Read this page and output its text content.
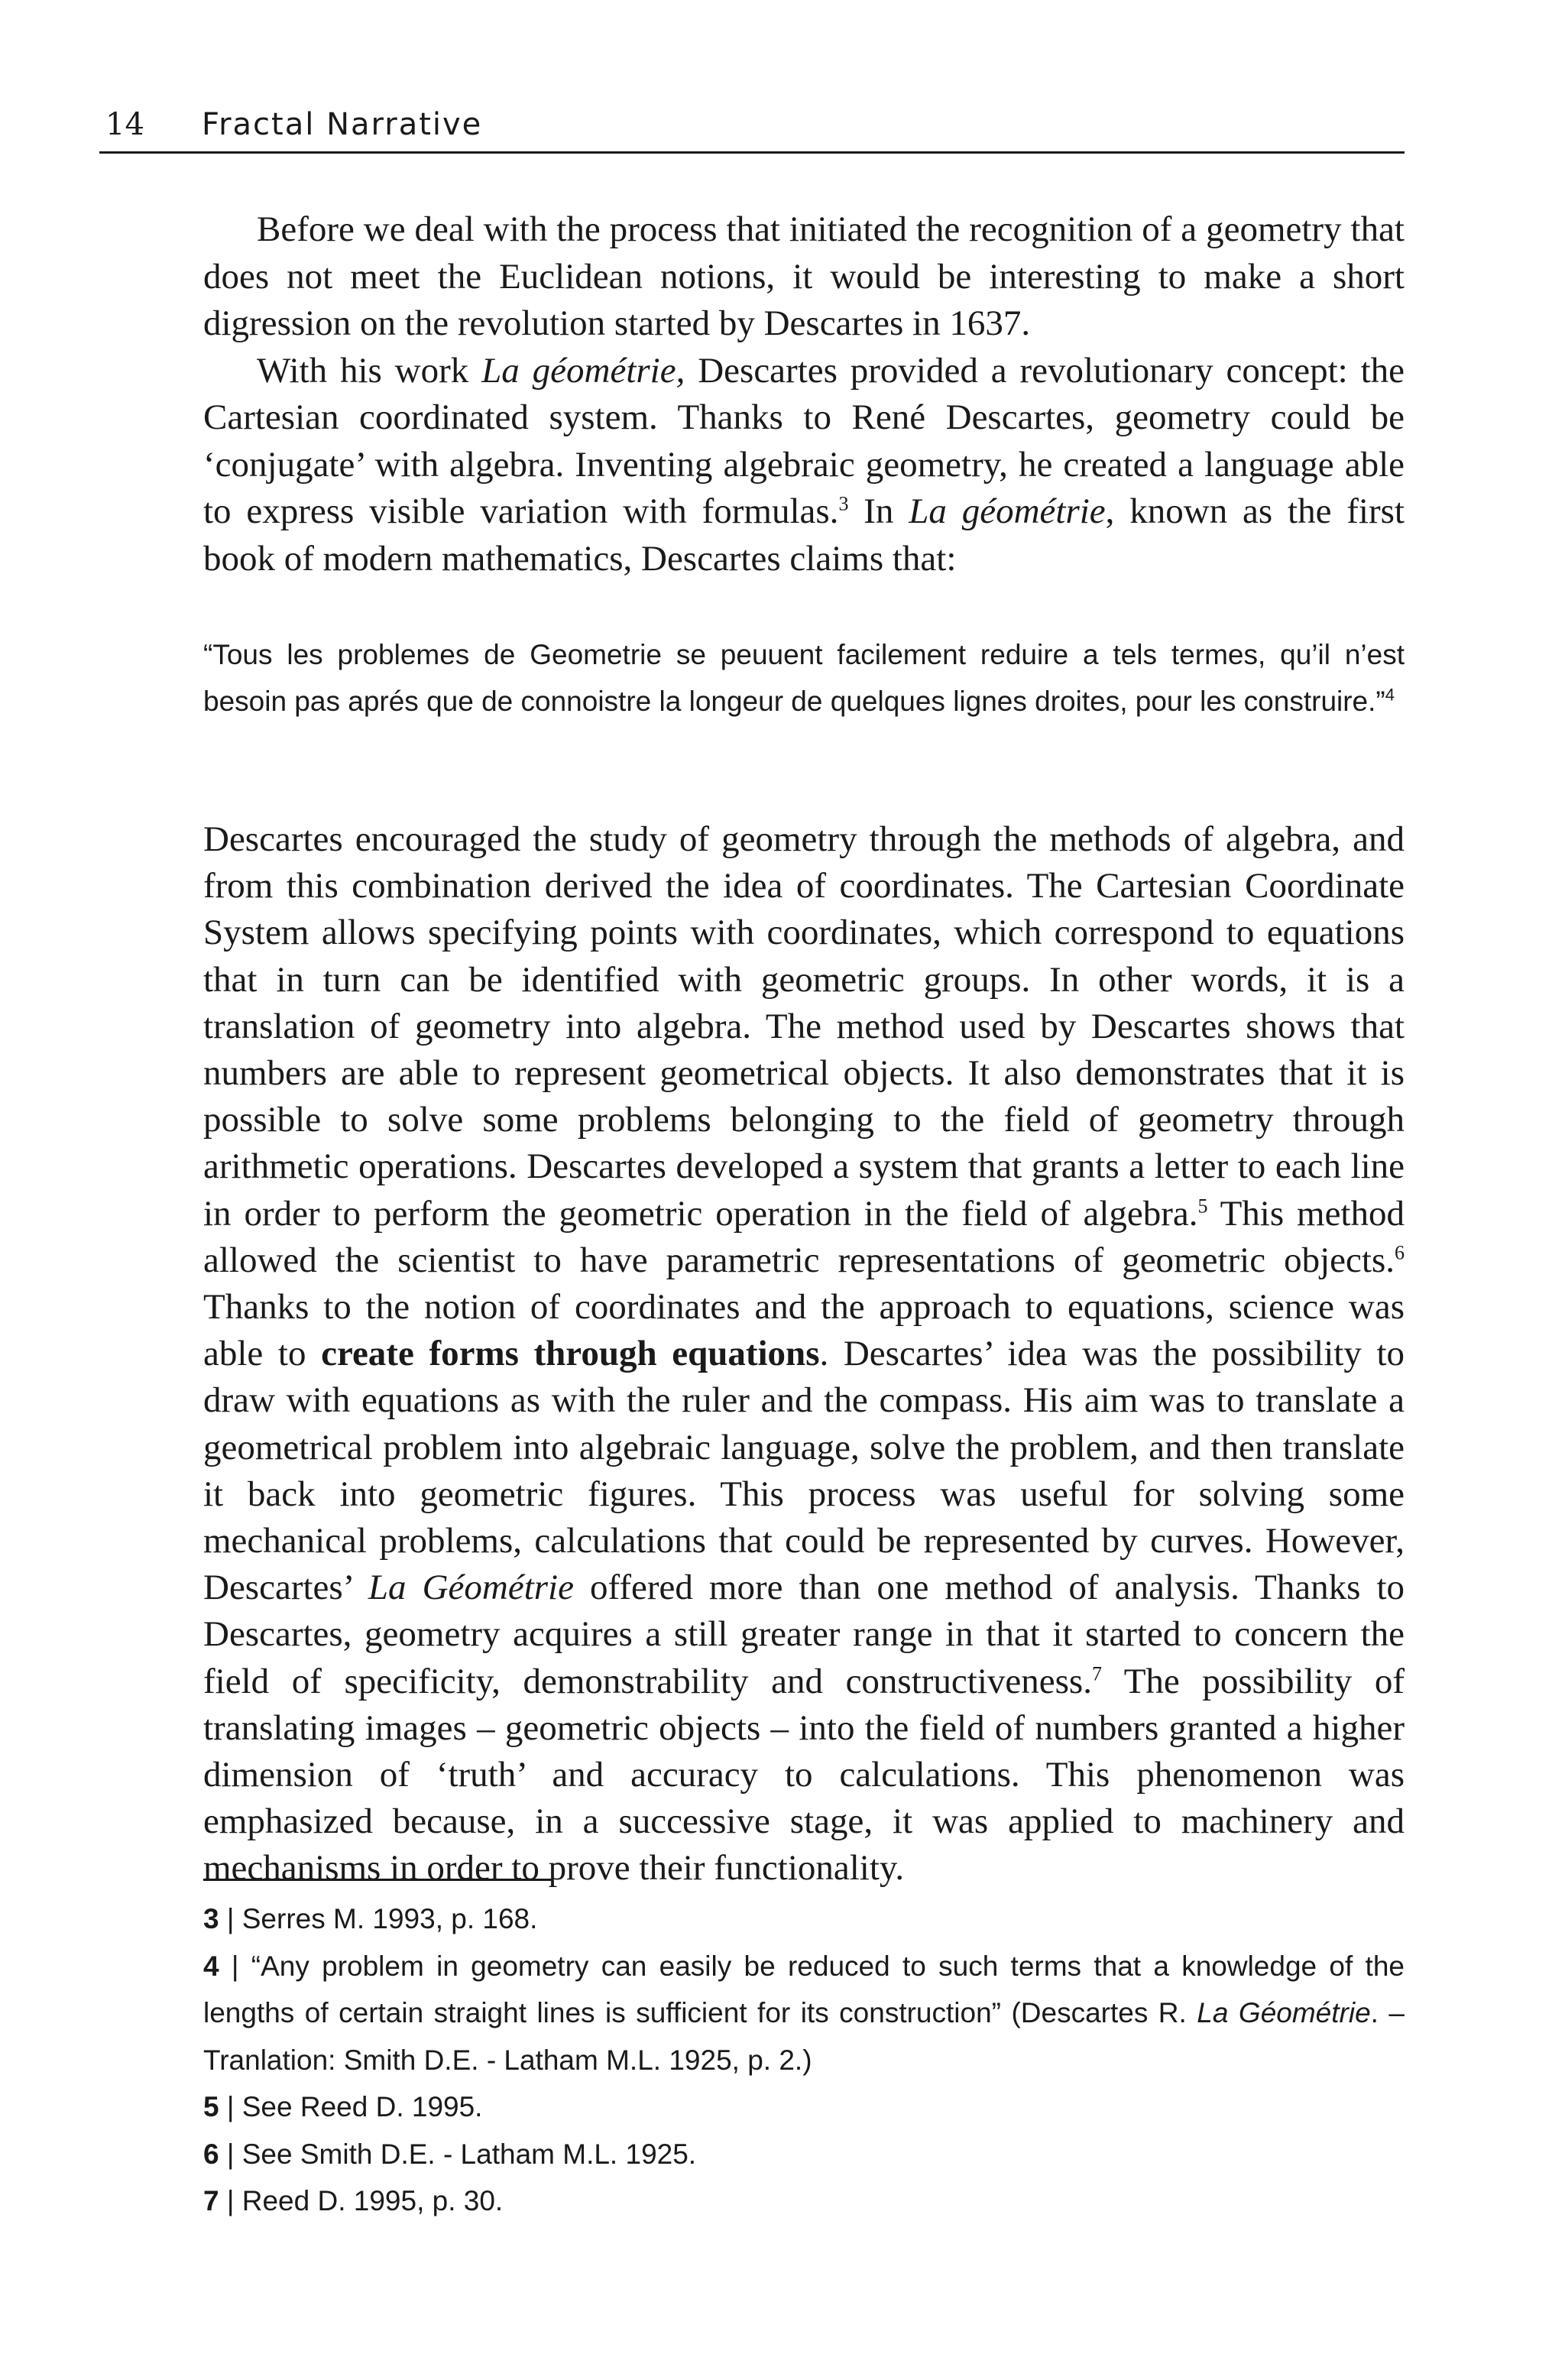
14 Fractal Narrative

Before we deal with the process that initiated the recognition of a geometry that does not meet the Euclidean notions, it would be interesting to make a short digression on the revolution started by Descartes in 1637.

With his work La géométrie, Descartes provided a revolutionary concept: the Cartesian coordinated system. Thanks to René Descartes, geometry could be ‘conjugate’ with algebra. Inventing algebraic geometry, he created a language able to express visible variation with formulas.$^3$ In La géométrie, known as the first book of modern mathematics, Descartes claims that:

“Tous les problemes de Geometrie se peuuent facilement reduire a tels termes, qu’il n’est besoin pas aprés que de connoistre la longeur de quelques lignes droites, pour les construire.”$^4$
Descartes encouraged the study of geometry through the methods of algebra, and from this combination derived the idea of coordinates. The Cartesian Coordinate System allows specifying points with coordinates, which correspond to equations that in turn can be identified with geometric groups. In other words, it is a translation of geometry into algebra. The method used by Descartes shows that numbers are able to represent geometrical objects. It also demonstrates that it is possible to solve some problems belonging to the field of geometry through arithmetic operations. Descartes developed a system that grants a letter to each line in order to perform the geometric operation in the field of algebra.$^5$ This method allowed the scientist to have parametric representations of geometric objects.$^6$ Thanks to the notion of coordinates and the approach to equations, science was able to create forms through equations. Descartes’ idea was the possibility to draw with equations as with the ruler and the compass. His aim was to translate a geometrical problem into algebraic language, solve the problem, and then translate it back into geometric figures. This process was useful for solving some mechanical problems, calculations that could be represented by curves. However, Descartes’ La Géométrie offered more than one method of analysis. Thanks to Descartes, geometry acquires a still greater range in that it started to concern the field of specificity, demonstrability and constructiveness.$^7$ The possibility of translating images – geometric objects – into the field of numbers granted a higher dimension of ‘truth’ and accuracy to calculations. This phenomenon was emphasized because, in a successive stage, it was applied to machinery and mechanisms in order to prove their functionality.

3 | Serres M. 1993, p. 168.

4 | “Any problem in geometry can easily be reduced to such terms that a knowledge of the lengths of certain straight lines is sufficient for its construction” (Descartes R. La Géométrie. – Tranlation: Smith D.E. - Latham M.L. 1925, p. 2.)

5 | See Reed D. 1995.

6 | See Smith D.E. - Latham M.L. 1925.

7 | Reed D. 1995, p. 30.
